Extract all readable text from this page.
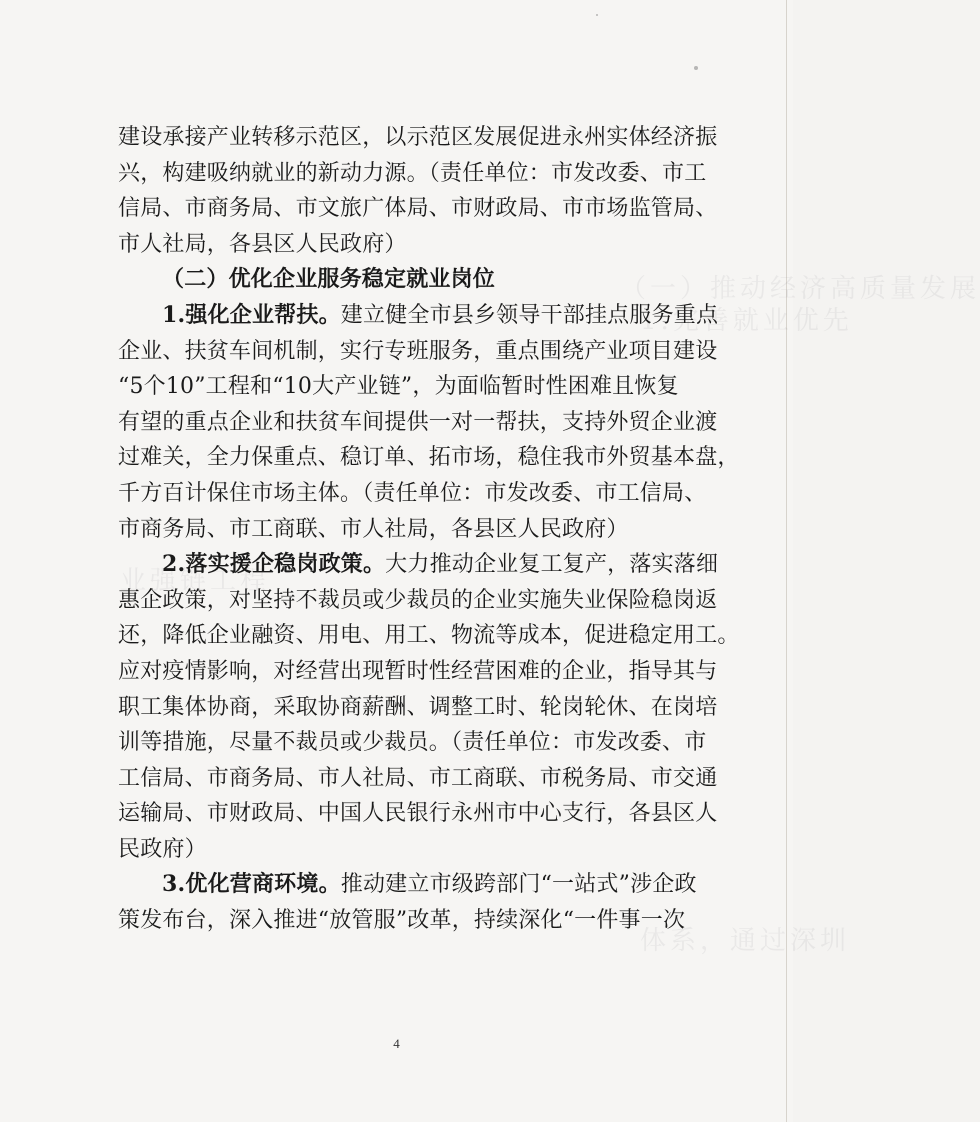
（一）推动经济高质量发展
1.完善就业优先
业强链工程
体系，通过深圳
建设承接产业转移示范区，以示范区发展促进永州实体经济振
兴，构建吸纳就业的新动力源。（责任单位：市发改委、市工
信局、市商务局、市文旅广体局、市财政局、市市场监管局、
市人社局，各县区人民政府）
（二）优化企业服务稳定就业岗位
1.强化企业帮扶。建立健全市县乡领导干部挂点服务重点
企业、扶贫车间机制，实行专班服务，重点围绕产业项目建设
“5个10”工程和“10大产业链”，为面临暂时性困难且恢复
有望的重点企业和扶贫车间提供一对一帮扶，支持外贸企业渡
过难关，全力保重点、稳订单、拓市场，稳住我市外贸基本盘，
千方百计保住市场主体。（责任单位：市发改委、市工信局、
市商务局、市工商联、市人社局，各县区人民政府）
2.落实援企稳岗政策。大力推动企业复工复产，落实落细
惠企政策，对坚持不裁员或少裁员的企业实施失业保险稳岗返
还，降低企业融资、用电、用工、物流等成本，促进稳定用工。
应对疫情影响，对经营出现暂时性经营困难的企业，指导其与
职工集体协商，采取协商薪酬、调整工时、轮岗轮休、在岗培
训等措施，尽量不裁员或少裁员。（责任单位：市发改委、市
工信局、市商务局、市人社局、市工商联、市税务局、市交通
运输局、市财政局、中国人民银行永州市中心支行，各县区人
民政府）
3.优化营商环境。推动建立市级跨部门“一站式”涉企政
策发布台，深入推进“放管服”改革，持续深化“一件事一次
4
